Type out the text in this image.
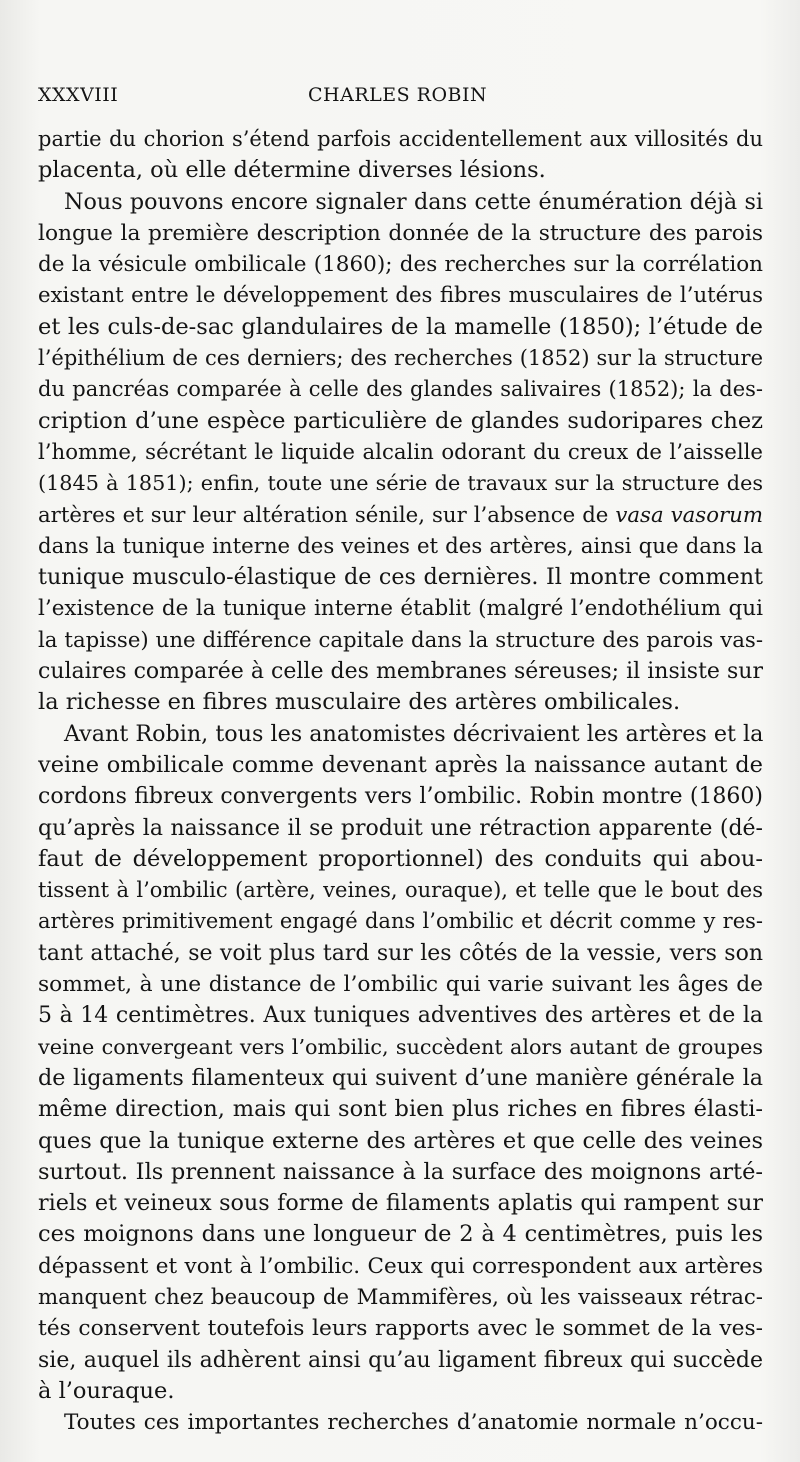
XXXVIII	CHARLES ROBIN
partie du chorion s’étend parfois accidentellement aux villosités du
placenta, où elle détermine diverses lésions.
Nous pouvons encore signaler dans cette énumération déjà si
longue la première description donnée de la structure des parois
de la vésicule ombilicale (1860); des recherches sur la corrélation
existant entre le développement des fibres musculaires de l’utérus
et les culs-de-sac glandulaires de la mamelle (1850); l’étude de
l’épithélium de ces derniers; des recherches (1852) sur la structure
du pancréas comparée à celle des glandes salivaires (1852); la des-
cription d’une espèce particulière de glandes sudoripares chez
l’homme, sécrétant le liquide alcalin odorant du creux de l’aisselle
(1845 à 1851); enfin, toute une série de travaux sur la structure des
artères et sur leur altération sénile, sur l’absence de vasa vasorum
dans la tunique interne des veines et des artères, ainsi que dans la
tunique musculo-élastique de ces dernières. Il montre comment
l’existence de la tunique interne établit (malgré l’endothélium qui
la tapisse) une différence capitale dans la structure des parois vas-
culaires comparée à celle des membranes séreuses; il insiste sur
la richesse en fibres musculaire des artères ombilicales.
Avant Robin, tous les anatomistes décrivaient les artères et la
veine ombilicale comme devenant après la naissance autant de
cordons fibreux convergents vers l’ombilic. Robin montre (1860)
qu’après la naissance il se produit une rétraction apparente (dé-
faut de développement proportionnel) des conduits qui abou-
tissent à l’ombilic (artère, veines, ouraque), et telle que le bout des
artères primitivement engagé dans l’ombilic et décrit comme y res-
tant attaché, se voit plus tard sur les côtés de la vessie, vers son
sommet, à une distance de l’ombilic qui varie suivant les âges de
5 à 14 centimètres. Aux tuniques adventives des artères et de la
veine convergeant vers l’ombilic, succèdent alors autant de groupes
de ligaments filamenteux qui suivent d’une manière générale la
même direction, mais qui sont bien plus riches en fibres élasti-
ques que la tunique externe des artères et que celle des veines
surtout. Ils prennent naissance à la surface des moignons arté-
riels et veineux sous forme de filaments aplatis qui rampent sur
ces moignons dans une longueur de 2 à 4 centimètres, puis les
dépassent et vont à l’ombilic. Ceux qui correspondent aux artères
manquent chez beaucoup de Mammifères, où les vaisseaux rétrac-
tés conservent toutefois leurs rapports avec le sommet de la ves-
sie, auquel ils adhèrent ainsi qu’au ligament fibreux qui succède
à l’ouraque.
Toutes ces importantes recherches d’anatomie normale n’occu-
